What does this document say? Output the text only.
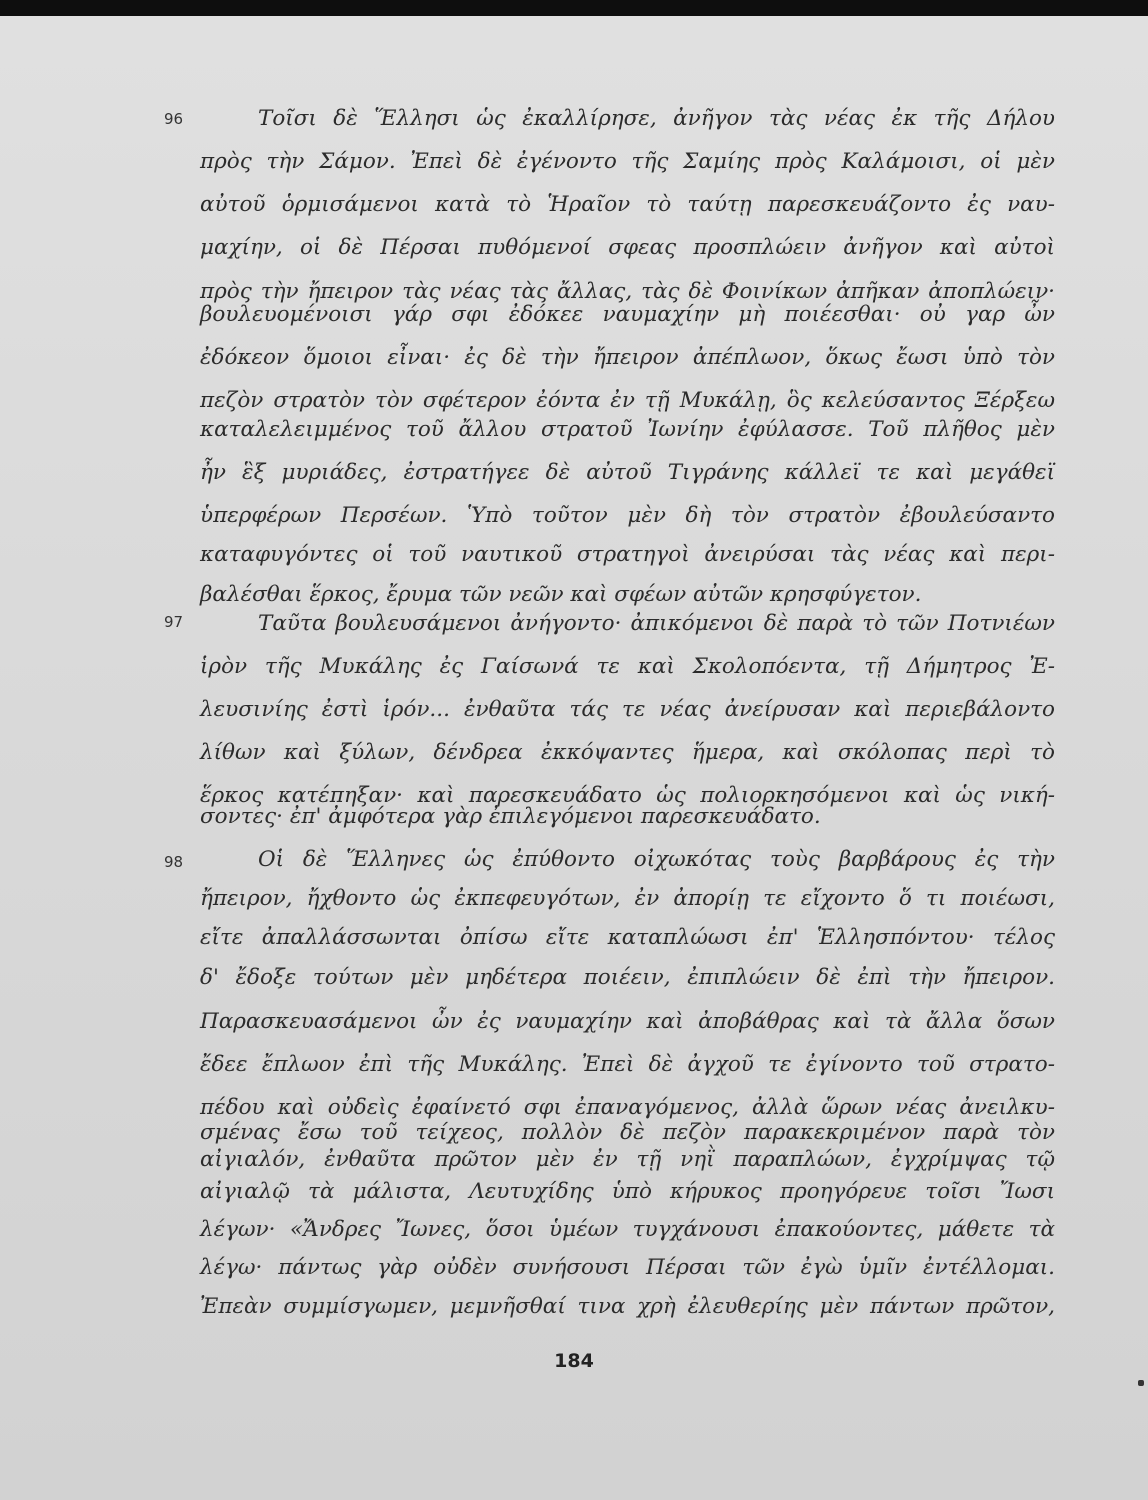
96	Τοῖσι δὲ Ἕλλησι ὡς ἐκαλλίρησε, ἀνῆγον τὰς νέας ἐκ τῆς Δήλου
πρὸς τὴν Σάμον. Ἐπεὶ δὲ ἐγένοντο τῆς Σαμίης πρὸς Καλάμοισι, οἱ μὲν
αὐτοῦ ὁρμισάμενοι κατὰ τὸ Ἡραῖον τὸ ταύτῃ παρεσκευάζοντο ἐς ναυ-
μαχίην, οἱ δὲ Πέρσαι πυθόμενοί σφεας προσπλώειν ἀνῆγον καὶ αὐτοὶ
πρὸς τὴν ἤπειρον τὰς νέας τὰς ἄλλας, τὰς δὲ Φοινίκων ἀπῆκαν ἀποπλώειν·
βουλευομένοισι γάρ σφι ἐδόκεε ναυμαχίην μὴ ποιέεσθαι· οὐ γαρ ὦν
ἐδόκεον ὅμοιοι εἶναι· ἐς δὲ τὴν ἤπειρον ἀπέπλωον, ὅκως ἔωσι ὑπὸ τὸν
πεζὸν στρατὸν τὸν σφέτερον ἐόντα ἐν τῇ Μυκάλῃ, ὃς κελεύσαντος Ξέρξεω
καταλελειμμένος τοῦ ἄλλου στρατοῦ Ἰωνίην ἐφύλασσε. Τοῦ πλῆθος μὲν
ἦν ἓξ μυριάδες, ἐστρατήγεε δὲ αὐτοῦ Τιγράνης κάλλεϊ τε καὶ μεγάθεϊ
ὑπερφέρων Περσέων. Ὑπὸ τοῦτον μὲν δὴ τὸν στρατὸν ἐβουλεύσαντο
καταφυγόντες οἱ τοῦ ναυτικοῦ στρατηγοὶ ἀνειρύσαι τὰς νέας καὶ περι-
βαλέσθαι ἕρκος, ἔρυμα τῶν νεῶν καὶ σφέων αὐτῶν κρησφύγετον.
97	Ταῦτα βουλευσάμενοι ἀνήγοντο· ἀπικόμενοι δὲ παρὰ τὸ τῶν Ποτνιέων
ἱρὸν τῆς Μυκάλης ἐς Γαίσωνά τε καὶ Σκολοπόεντα, τῇ Δήμητρος Ἐ-
λευσινίης ἐστὶ ἱρόν... ἐνθαῦτα τάς τε νέας ἀνείρυσαν καὶ περιεβάλοντο
λίθων καὶ ξύλων, δένδρεα ἐκκόψαντες ἥμερα, καὶ σκόλοπας περὶ τὸ
ἕρκος κατέπηξαν· καὶ παρεσκευάδατο ὡς πολιορκησόμενοι καὶ ὡς νική-
σοντες· ἐπ' ἀμφότερα γὰρ ἐπιλεγόμενοι παρεσκευάδατο.
98	Οἱ δὲ Ἕλληνες ὡς ἐπύθοντο οἰχωκότας τοὺς βαρβάρους ἐς τὴν
ἤπειρον, ἤχθοντο ὡς ἐκπεφευγότων, ἐν ἀπορίῃ τε εἴχοντο ὅ τι ποιέωσι,
εἴτε ἀπαλλάσσωνται ὀπίσω εἴτε καταπλώωσι ἐπ' Ἑλλησπόντου· τέλος
δ' ἔδοξε τούτων μὲν μηδέτερα ποιέειν, ἐπιπλώειν δὲ ἐπὶ τὴν ἤπειρον.
Παρασκευασάμενοι ὦν ἐς ναυμαχίην καὶ ἀποβάθρας καὶ τὰ ἄλλα ὅσων
ἔδεε ἔπλωον ἐπὶ τῆς Μυκάλης. Ἐπεὶ δὲ ἀγχοῦ τε ἐγίνοντο τοῦ στρατο-
πέδου καὶ οὐδεὶς ἐφαίνετό σφι ἐπαναγόμενος, ἀλλὰ ὥρων νέας ἀνειλκυ-
σμένας ἔσω τοῦ τείχεος, πολλὸν δὲ πεζὸν παρακεκριμένον παρὰ τὸν
αἰγιαλόν, ἐνθαῦτα πρῶτον μὲν ἐν τῇ νηῒ παραπλώων, ἐγχρίμψας τῷ
αἰγιαλῷ τὰ μάλιστα, Λευτυχίδης ὑπὸ κήρυκος προηγόρευε τοῖσι Ἴωσι
λέγων· «Ἄνδρες Ἴωνες, ὅσοι ὑμέων τυγχάνουσι ἐπακούοντες, μάθετε τὰ
λέγω· πάντως γὰρ οὐδὲν συνήσουσι Πέρσαι τῶν ἐγὼ ὑμῖν ἐντέλλομαι.
Ἐπεὰν συμμίσγωμεν, μεμνῆσθαί τινα χρὴ ἐλευθερίης μὲν πάντων πρῶτον,
184
